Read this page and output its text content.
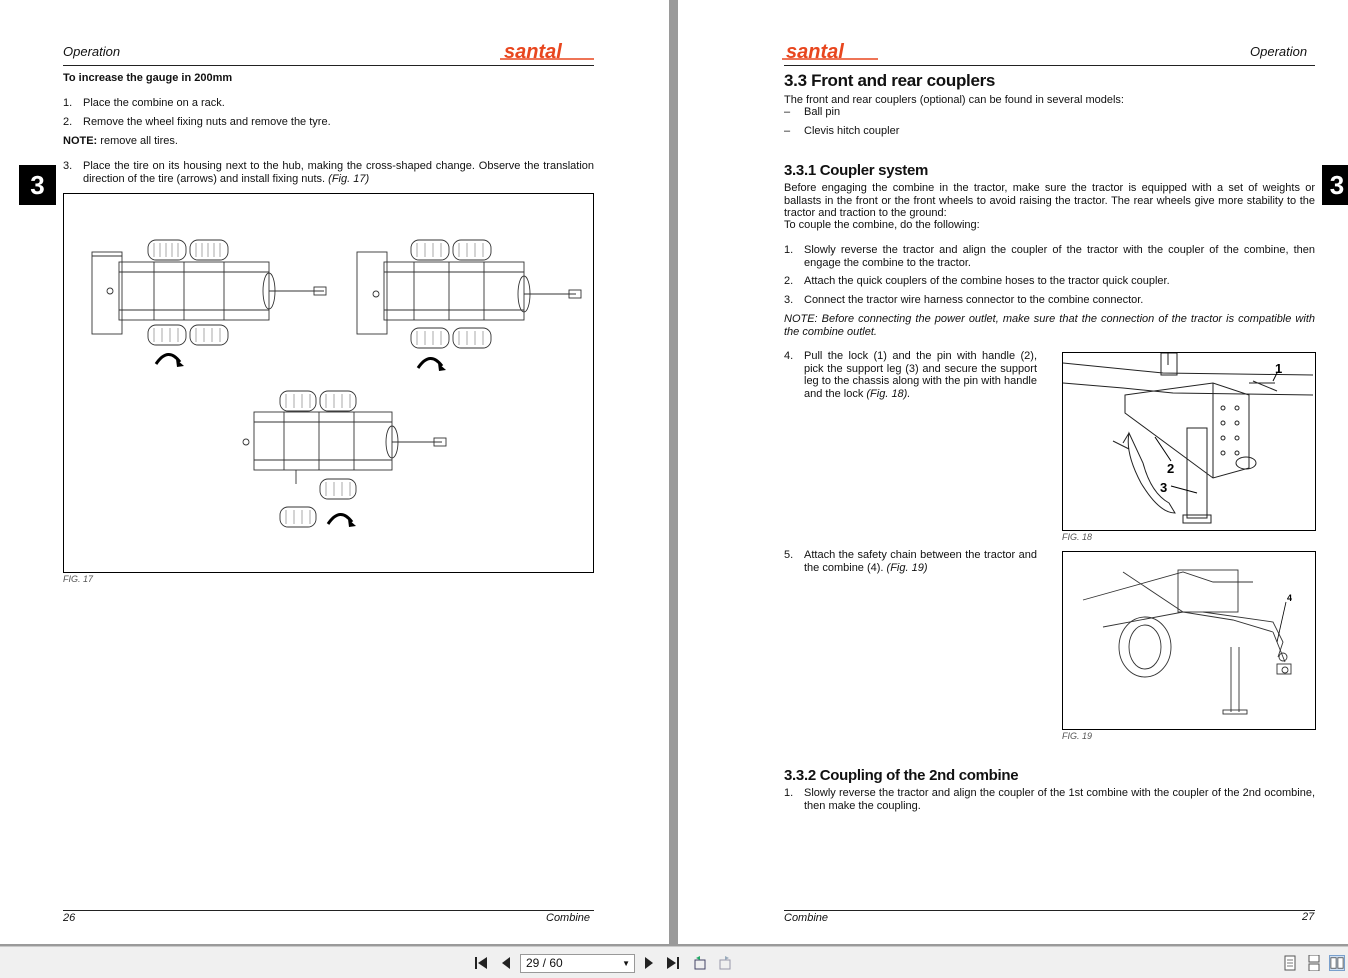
Operation	santal
3
To increase the gauge in 200mm
1. Place the combine on a rack.
2. Remove the wheel fixing nuts and remove the tyre.
NOTE: remove all tires.
3. Place the tire on its housing next to the hub, making the cross-shaped change. Observe the translation direction of the tire (arrows) and install fixing nuts. (Fig. 17)
FIG. 17
26	Combine
santal	Operation
3
3.3 Front and rear couplers
The front and rear couplers (optional) can be found in several models:
– Ball pin
– Clevis hitch coupler
3.3.1 Coupler system
Before engaging the combine in the tractor, make sure the tractor is equipped with a set of weights or ballasts in the front or the front wheels to avoid raising the tractor. The rear wheels give more stability to the tractor and traction to the ground:
To couple the combine, do the following:
1. Slowly reverse the tractor and align the coupler of the tractor with the coupler of the combine, then engage the combine to the tractor.
2. Attach the quick couplers of the combine hoses to the tractor quick coupler.
3. Connect the tractor wire harness connector to the combine connector.
NOTE: Before connecting the power outlet, make sure that the connection of the tractor is compatible with the combine outlet.
4. Pull the lock (1) and the pin with handle (2), pick the support leg (3) and secure the support leg to the chassis along with the pin with handle and the lock (Fig. 18).
1
2
3
FIG. 18
5. Attach the safety chain between the tractor and the combine (4). (Fig. 19)
4
FIG. 19
3.3.2 Coupling of the 2nd combine
1. Slowly reverse the tractor and align the coupler of the 1st combine with the coupler of the 2nd ocombine, then make the coupling.
Combine	27
29 / 60	▼
